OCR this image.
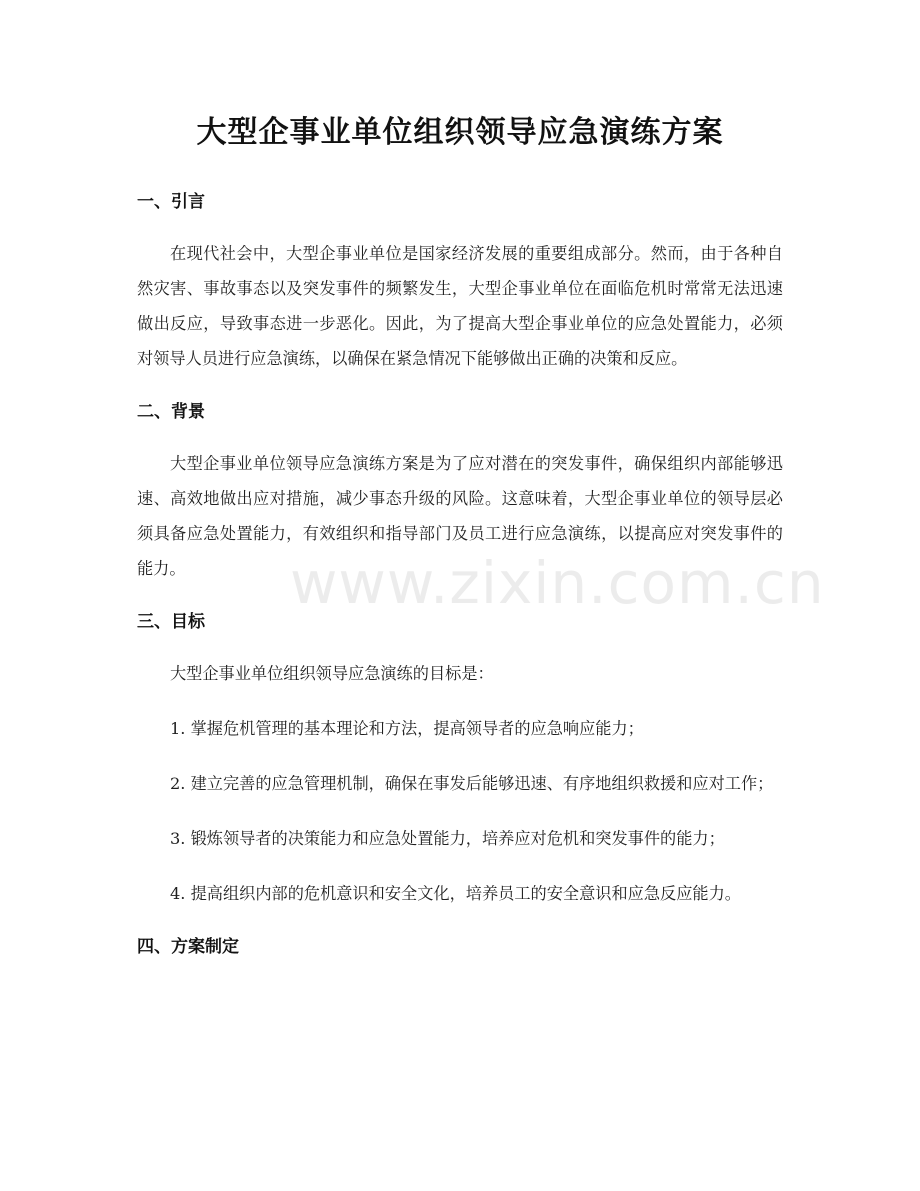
大型企事业单位组织领导应急演练方案
一、引言

在现代社会中，大型企事业单位是国家经济发展的重要组成部分。然而，由于各种自然灾害、事故事态以及突发事件的频繁发生，大型企事业单位在面临危机时常常无法迅速做出反应，导致事态进一步恶化。因此，为了提高大型企事业单位的应急处置能力，必须对领导人员进行应急演练，以确保在紧急情况下能够做出正确的决策和反应。

二、背景

大型企事业单位领导应急演练方案是为了应对潜在的突发事件，确保组织内部能够迅速、高效地做出应对措施，减少事态升级的风险。这意味着，大型企事业单位的领导层必须具备应急处置能力，有效组织和指导部门及员工进行应急演练，以提高应对突发事件的能力。

三、目标

大型企事业单位组织领导应急演练的目标是：

1. 掌握危机管理的基本理论和方法，提高领导者的应急响应能力；

2. 建立完善的应急管理机制，确保在事发后能够迅速、有序地组织救援和应对工作；

3. 锻炼领导者的决策能力和应急处置能力，培养应对危机和突发事件的能力；

4. 提高组织内部的危机意识和安全文化，培养员工的安全意识和应急反应能力。

四、方案制定
www.zixin.com.cn
